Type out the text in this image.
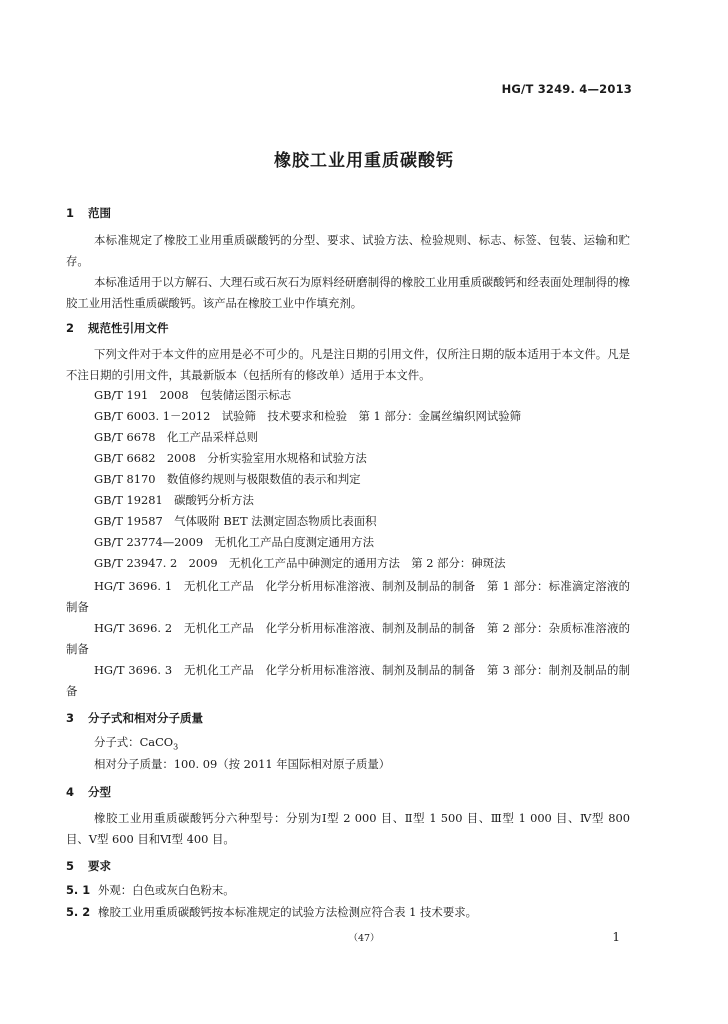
HG/T 3249. 4—2013
橡胶工业用重质碳酸钙
1 范围
本标准规定了橡胶工业用重质碳酸钙的分型、要求、试验方法、检验规则、标志、标签、包装、运输和贮存。
本标准适用于以方解石、大理石或石灰石为原料经研磨制得的橡胶工业用重质碳酸钙和经表面处理制得的橡胶工业用活性重质碳酸钙。该产品在橡胶工业中作填充剂。
2 规范性引用文件
下列文件对于本文件的应用是必不可少的。凡是注日期的引用文件，仅所注日期的版本适用于本文件。凡是不注日期的引用文件，其最新版本（包括所有的修改单）适用于本文件。
GB/T 191　2008　包装储运图示标志
GB/T 6003. 1－2012　试验筛　技术要求和检验　第 1 部分：金属丝编织网试验筛
GB/T 6678　化工产品采样总则
GB/T 6682　2008　分析实验室用水规格和试验方法
GB/T 8170　数值修约规则与极限数值的表示和判定
GB/T 19281　碳酸钙分析方法
GB/T 19587　气体吸附 BET 法测定固态物质比表面积
GB/T 23774—2009　无机化工产品白度测定通用方法
GB/T 23947. 2　2009　无机化工产品中砷测定的通用方法　第 2 部分：砷斑法
HG/T 3696. 1　无机化工产品　化学分析用标准溶液、制剂及制品的制备　第 1 部分：标准滴定溶液的制备
HG/T 3696. 2　无机化工产品　化学分析用标准溶液、制剂及制品的制备　第 2 部分：杂质标准溶液的制备
HG/T 3696. 3　无机化工产品　化学分析用标准溶液、制剂及制品的制备　第 3 部分：制剂及制品的制备
3 分子式和相对分子质量
分子式：CaCO$_3$
相对分子质量：100. 09（按 2011 年国际相对原子质量）
4 分型
橡胶工业用重质碳酸钙分六种型号：分别为Ⅰ型 2 000 目、Ⅱ型 1 500 目、Ⅲ型 1 000 目、Ⅳ型 800 目、Ⅴ型 600 目和Ⅵ型 400 目。
5 要求
5. 1 外观：白色或灰白色粉末。
5. 2 橡胶工业用重质碳酸钙按本标准规定的试验方法检测应符合表 1 技术要求。
（47）	1
